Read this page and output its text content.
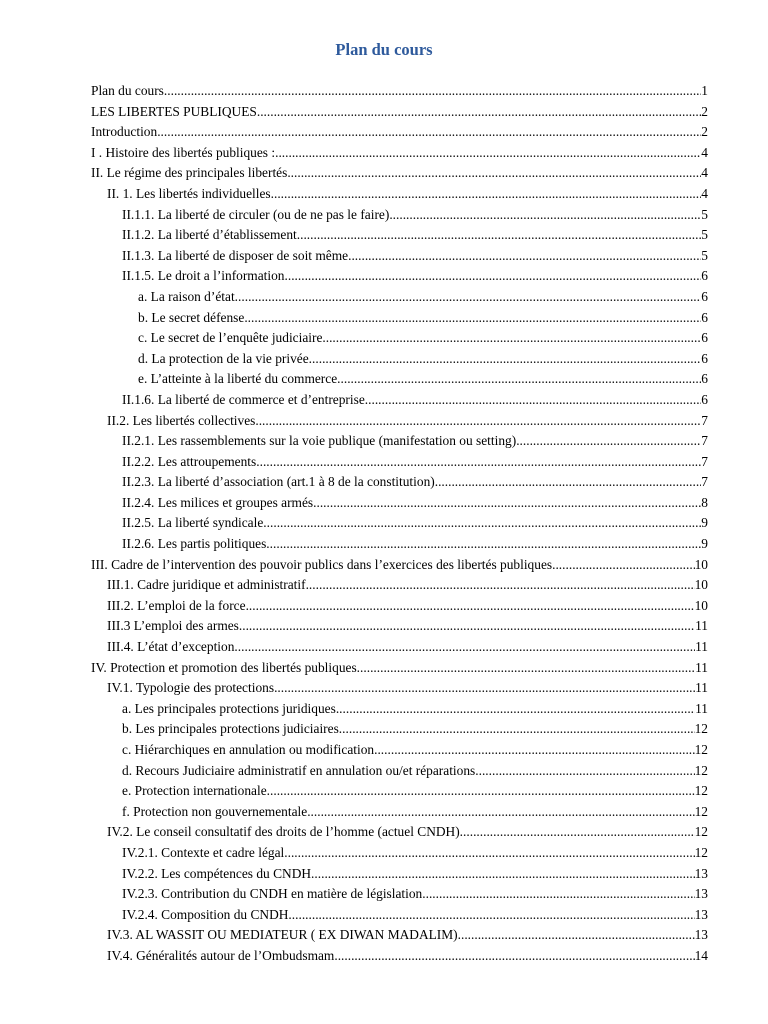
Plan du cours
Plan du cours .....	1
LES LIBERTES PUBLIQUES .....	2
Introduction .....	2
I . Histoire des libertés publiques : .....	4
II. Le régime des principales libertés .....	4
II. 1. Les libertés individuelles .....	4
II.1.1. La liberté de circuler (ou de ne pas le faire) .....	5
II.1.2. La liberté d’établissement .....	5
II.1.3. La liberté de disposer de soit même .....	5
II.1.5. Le droit a l’information .....	6
a. La raison d’état .....	6
b. Le secret défense .....	6
c. Le secret de l’enquête judiciaire .....	6
d. La protection de la vie privée .....	6
e. L’atteinte à la liberté du commerce .....	6
II.1.6. La liberté de commerce et d’entreprise .....	6
II.2. Les libertés collectives .....	7
II.2.1. Les rassemblements sur la voie publique (manifestation ou setting) .....	7
II.2.2. Les attroupements .....	7
II.2.3. La liberté d’association (art.1 à 8 de la constitution) .....	7
II.2.4. Les milices et groupes armés .....	8
II.2.5. La liberté syndicale .....	9
II.2.6. Les partis politiques .....	9
III. Cadre de l’intervention des pouvoir publics dans l’exercices des libertés publiques .....	10
III.1. Cadre juridique et administratif .....	10
III.2. L’emploi de la force .....	10
III.3 L’emploi des armes .....	11
III.4. L’état d’exception .....	11
IV. Protection et promotion des libertés publiques .....	11
IV.1. Typologie des protections .....	11
a. Les principales protections juridiques .....	11
b. Les principales protections judiciaires .....	12
c. Hiérarchiques en annulation ou modification .....	12
d. Recours Judiciaire administratif en annulation ou/et réparations .....	12
e. Protection internationale .....	12
f. Protection non gouvernementale .....	12
IV.2. Le conseil consultatif des droits de l’homme (actuel CNDH) .....	12
IV.2.1. Contexte et cadre légal .....	12
IV.2.2. Les compétences du CNDH .....	13
IV.2.3. Contribution du CNDH en matière de législation .....	13
IV.2.4. Composition du CNDH .....	13
IV.3. AL WASSIT OU MEDIATEUR ( EX DIWAN MADALIM) .....	13
IV.4. Généralités autour de l’Ombudsmam .....	14
